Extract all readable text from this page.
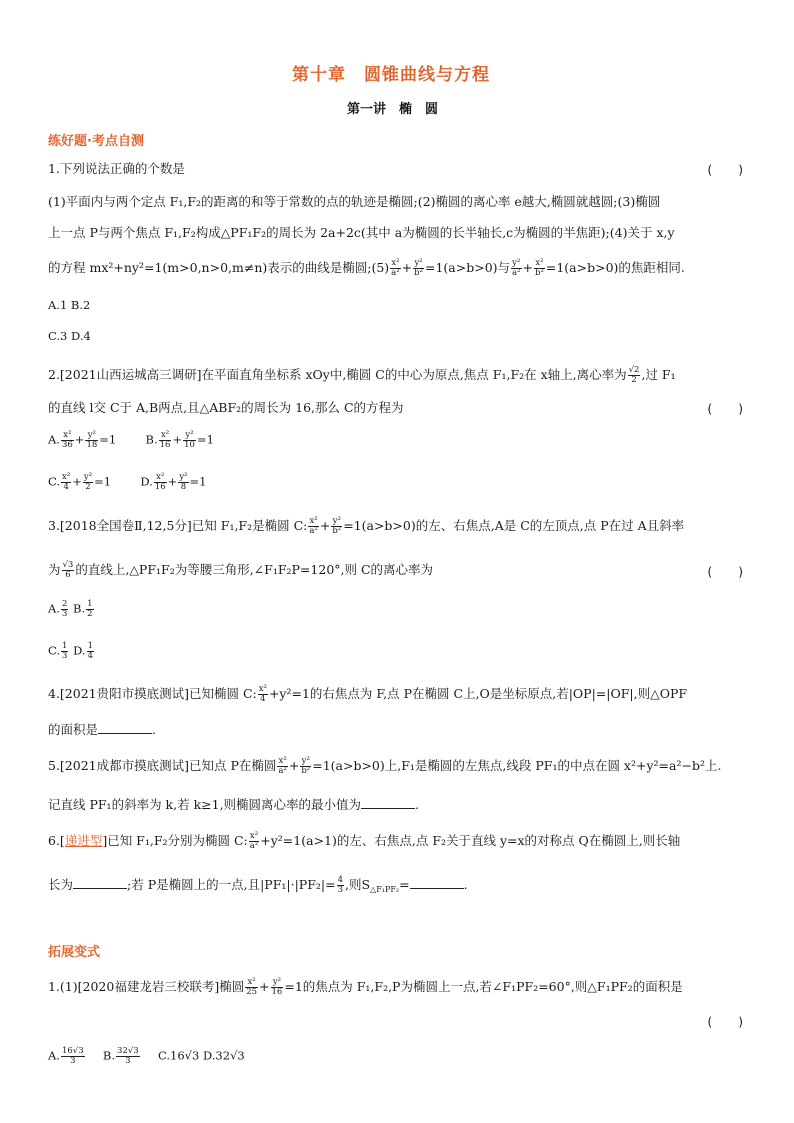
第十章　圆锥曲线与方程
第一讲　椭　圆
练好题·考点自测
1.下列说法正确的个数是	(　　)
(1)平面内与两个定点 F₁,F₂的距离的和等于常数的点的轨迹是椭圆;(2)椭圆的离心率 e越大,椭圆就越圆;(3)椭圆
上一点 P与两个焦点 F₁,F₂构成△PF₁F₂的周长为 2a+2c(其中 a为椭圆的长半轴长,c为椭圆的半焦距);(4)关于 x,y
的方程 mx²+ny²=1(m>0,n>0,m≠n)表示的曲线是椭圆;(5) $\frac{\text{x²}}{\text{a²}} + \frac{\text{y²}}{\text{b²}} =1(a>b>0)$与 $\frac{\text{y²}}{\text{a²}} + \frac{\text{x²}}{\text{b²}} =1(a>b>0)$的焦距相同.
A.1 B.2
C.3 D.4
2.[2021山西运城高三调研]在平面直角坐标系 xOy中,椭圆 C的中心为原点,焦点 F₁,F₂在 x轴上,离心率为 $\frac{√2}{2}$ ,过 F₁
的直线 l交 C于 A,B两点,且△ABF₂的周长为 16,那么 C的方程为	(　　)
A. $\frac{\text{x²}}{36} + \frac{\text{y²}}{18} =1$	B. $\frac{\text{x²}}{16} + \frac{\text{y²}}{10} =1$
C. $\frac{\text{x²}}{4} + \frac{\text{y²}}{2} =1$	D. $\frac{\text{x²}}{16} + \frac{\text{y²}}{8} =1$
3.[2018全国卷Ⅱ,12,5分]已知 F₁,F₂是椭圆 C: $\frac{\text{x²}}{\text{a²}} + \frac{\text{y²}}{\text{b²}} =1(a>b>0)$的左、右焦点,A是 C的左顶点,点 P在过 A且斜率
为 $\frac{√3}{6}$ 的直线上,△PF₁F₂为等腰三角形,∠F₁F₂P=120°,则 C的离心率为	(　　)
A. $\frac{2}{3} B$. $\frac{1}{2}$
C. $\frac{1}{3} D$. $\frac{1}{4}$
4.[2021贵阳市摸底测试]已知椭圆 C: $\frac{\text{x²}}{4} +y^2=1$的右焦点为 F,点 P在椭圆 C上,O是坐标原点,若|OP|=|OF|,则△OPF
的面积是	.
5.[2021成都市摸底测试]已知点 P在椭圆 $\frac{\text{x²}}{\text{a²}} + \frac{\text{y²}}{\text{b²}} =1(a>b>0)$上,F₁是椭圆的左焦点,线段 PF₁的中点在圆 x²+y²=a²−b²上.
记直线 PF₁的斜率为 k,若 k≥1,则椭圆离心率的最小值为	.
6.[递进型]已知 F₁,F₂分别为椭圆 C: $\frac{\text{x²}}{\text{a²}} +y^2=1(a>1)$的左、右焦点,点 F₂关于直线 y=x的对称点 Q在椭圆上,则长轴
长为	;若 P是椭圆上的一点,且$|PF_1|\cdot|PF_2|= \frac{4}{3}$ ,则$S_{\triangle F_1PF_2}=$	.
拓展变式
1.(1)[2020福建龙岩三校联考]椭圆 $\frac{\text{x²}}{25} + \frac{\text{y²}}{16} =1$的焦点为 F₁,F₂,P为椭圆上一点,若∠F₁PF₂=60°,则△F₁PF₂的面积是
(　　)
A. $\frac{16√3}{3} B$. $\frac{32√3}{3} C.16√3$ D.32√3
